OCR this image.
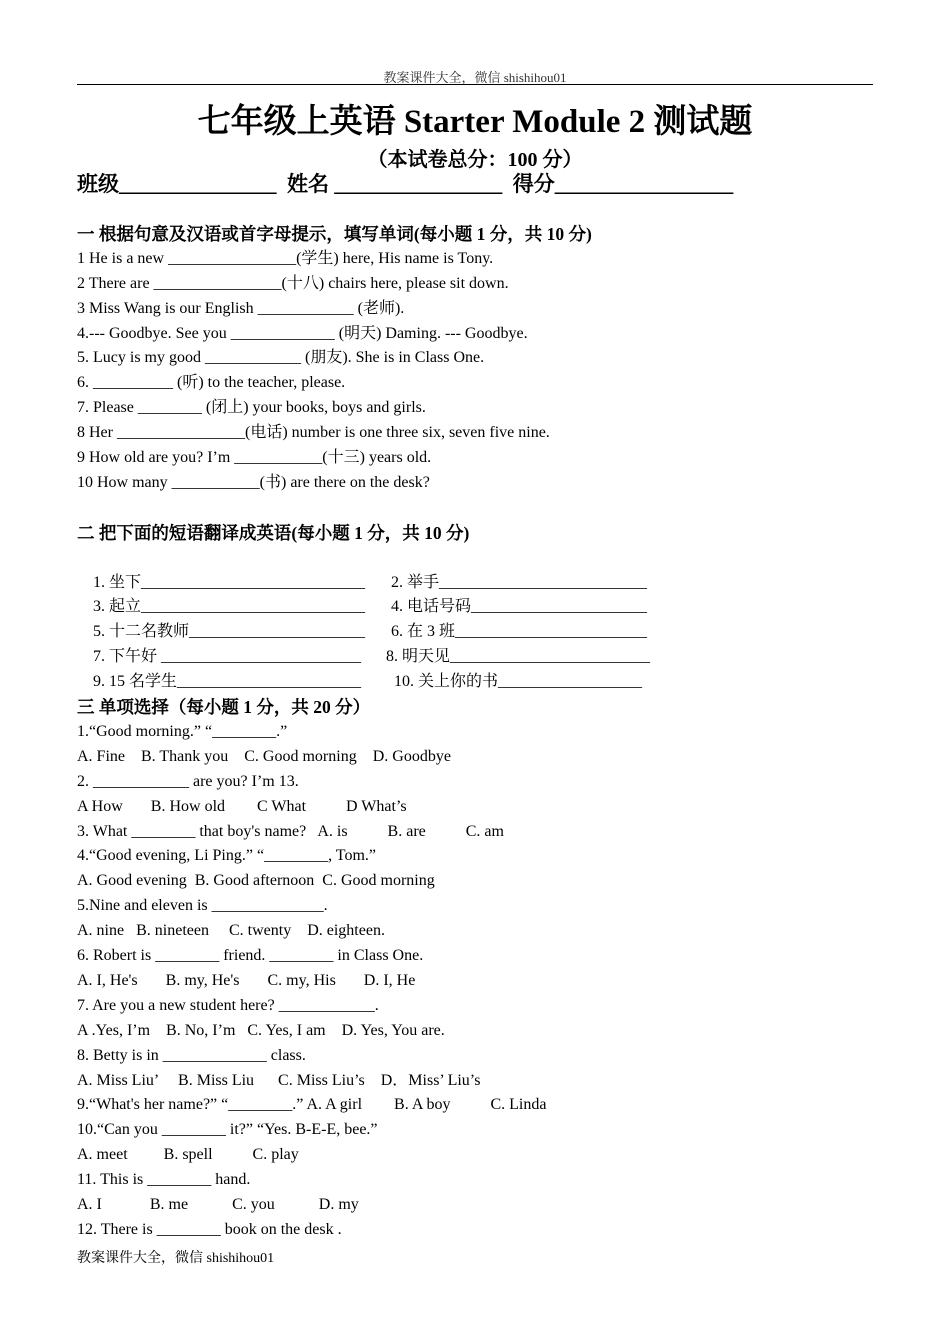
教案课件大全，微信 shishihou01
七年级上英语 Starter Module 2 测试题
（本试卷总分：100 分）
班级_______________  姓名 ________________  得分_________________
一 根据句意及汉语或首字母提示，填写单词(每小题 1 分，共 10 分)
1 He is a new ________________(学生) here, His name is Tony.
2 There are ________________(十八) chairs here, please sit down.
3 Miss Wang is our English ____________ (老师).
4.--- Goodbye. See you _____________ (明天) Daming. --- Goodbye.
5. Lucy is my good ____________ (朋友). She is in Class One.
6. __________ (听) to the teacher, please.
7. Please ________ (闭上) your books, boys and girls.
8 Her ________________(电话) number is one three six, seven five nine.
9 How old are you? I’m ___________(十三) years old.
10 How many ___________(书) are there on the desk?
二 把下面的短语翻译成英语(每小题 1 分，共 10 分)

1. 坐下____________________________ 2. 举手__________________________

3. 起立____________________________ 4. 电话号码______________________

5. 十二名教师______________________ 6. 在 3 班________________________

7. 下午好 _________________________ 8. 明天见_________________________

9. 15 名学生_______________________ 10. 关上你的书__________________

三 单项选择（每小题 1 分，共 20 分）
1.“Good morning.” “________.”
A. Fine    B. Thank you    C. Good morning    D. Goodbye
2. ____________ are you? I’m 13.
A How       B. How old        C What          D What’s
3. What ________ that boy's name?   A. is          B. are          C. am
4.“Good evening, Li Ping.” “________, Tom.”
A. Good evening  B. Good afternoon  C. Good morning
5.Nine and eleven is ______________.
A. nine   B. nineteen     C. twenty    D. eighteen.
6. Robert is ________ friend. ________ in Class One.
A. I, He's       B. my, He's       C. my, His       D. I, He
7. Are you a new student here? ____________.
A .Yes, I’m    B. No, I’m   C. Yes, I am    D. Yes, You are.
8. Betty is in _____________ class.
A. Miss Liu’     B. Miss Liu      C. Miss Liu’s    D．Miss’ Liu’s
9.“What's her name?” “________.” A. A girl        B. A boy          C. Linda
10.“Can you ________ it?” “Yes. B-E-E, bee.”
A. meet         B. spell          C. play
11. This is ________ hand.
A. I            B. me           C. you           D. my
12. There is ________ book on the desk .
教案课件大全，微信 shishihou01
